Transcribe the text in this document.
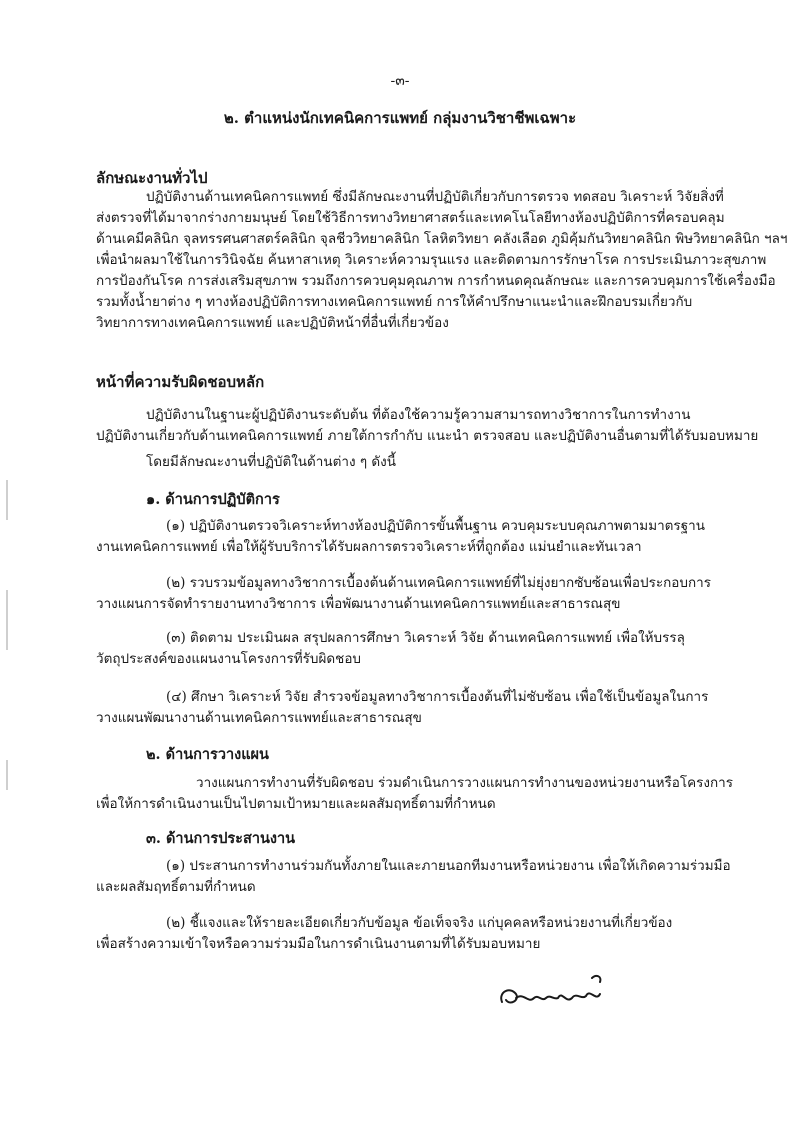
-๓-
๒. ตำแหน่งนักเทคนิคการแพทย์ กลุ่มงานวิชาชีพเฉพาะ
ลักษณะงานทั่วไป
ปฏิบัติงานด้านเทคนิคการแพทย์ ซึ่งมีลักษณะงานที่ปฏิบัติเกี่ยวกับการตรวจ ทดสอบ วิเคราะห์ วิจัยสิ่งที่
ส่งตรวจที่ได้มาจากร่างกายมนุษย์ โดยใช้วิธีการทางวิทยาศาสตร์และเทคโนโลยีทางห้องปฏิบัติการที่ครอบคลุม
ด้านเคมีคลินิก จุลทรรศนศาสตร์คลินิก จุลชีววิทยาคลินิก โลหิตวิทยา คลังเลือด ภูมิคุ้มกันวิทยาคลินิก พิษวิทยาคลินิก ฯลฯ
เพื่อนำผลมาใช้ในการวินิจฉัย ค้นหาสาเหตุ วิเคราะห์ความรุนแรง และติดตามการรักษาโรค การประเมินภาวะสุขภาพ
การป้องกันโรค การส่งเสริมสุขภาพ รวมถึงการควบคุมคุณภาพ การกำหนดคุณลักษณะ และการควบคุมการใช้เครื่องมือ
รวมทั้งน้ำยาต่าง ๆ ทางห้องปฏิบัติการทางเทคนิคการแพทย์ การให้คำปรึกษาแนะนำและฝึกอบรมเกี่ยวกับ
วิทยาการทางเทคนิคการแพทย์ และปฏิบัติหน้าที่อื่นที่เกี่ยวข้อง
หน้าที่ความรับผิดชอบหลัก
ปฏิบัติงานในฐานะผู้ปฏิบัติงานระดับต้น ที่ต้องใช้ความรู้ความสามารถทางวิชาการในการทำงาน
ปฏิบัติงานเกี่ยวกับด้านเทคนิคการแพทย์ ภายใต้การกำกับ แนะนำ ตรวจสอบ และปฏิบัติงานอื่นตามที่ได้รับมอบหมาย
โดยมีลักษณะงานที่ปฏิบัติในด้านต่าง ๆ ดังนี้
๑. ด้านการปฏิบัติการ
(๑) ปฏิบัติงานตรวจวิเคราะห์ทางห้องปฏิบัติการขั้นพื้นฐาน ควบคุมระบบคุณภาพตามมาตรฐาน
งานเทคนิคการแพทย์ เพื่อให้ผู้รับบริการได้รับผลการตรวจวิเคราะห์ที่ถูกต้อง แม่นยำและทันเวลา
(๒) รวบรวมข้อมูลทางวิชาการเบื้องต้นด้านเทคนิคการแพทย์ที่ไม่ยุ่งยากซับซ้อนเพื่อประกอบการ
วางแผนการจัดทำรายงานทางวิชาการ เพื่อพัฒนางานด้านเทคนิคการแพทย์และสาธารณสุข
(๓) ติดตาม ประเมินผล สรุปผลการศึกษา วิเคราะห์ วิจัย ด้านเทคนิคการแพทย์ เพื่อให้บรรลุ
วัตถุประสงค์ของแผนงานโครงการที่รับผิดชอบ
(๔) ศึกษา วิเคราะห์ วิจัย สำรวจข้อมูลทางวิชาการเบื้องต้นที่ไม่ซับซ้อน เพื่อใช้เป็นข้อมูลในการ
วางแผนพัฒนางานด้านเทคนิคการแพทย์และสาธารณสุข
๒. ด้านการวางแผน
วางแผนการทำงานที่รับผิดชอบ ร่วมดำเนินการวางแผนการทำงานของหน่วยงานหรือโครงการ
เพื่อให้การดำเนินงานเป็นไปตามเป้าหมายและผลสัมฤทธิ์ตามที่กำหนด
๓. ด้านการประสานงาน
(๑) ประสานการทำงานร่วมกันทั้งภายในและภายนอกทีมงานหรือหน่วยงาน เพื่อให้เกิดความร่วมมือ
และผลสัมฤทธิ์ตามที่กำหนด
(๒) ชี้แจงและให้รายละเอียดเกี่ยวกับข้อมูล ข้อเท็จจริง แก่บุคคลหรือหน่วยงานที่เกี่ยวข้อง
เพื่อสร้างความเข้าใจหรือความร่วมมือในการดำเนินงานตามที่ได้รับมอบหมาย
